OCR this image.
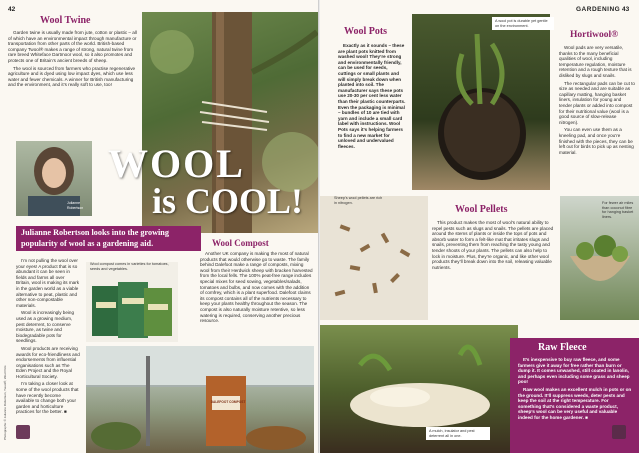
42
Wool Twine

Garden twine is usually made from jute, cotton or plastic – all of which have an environmental impact through manufacture or transportation from other parts of the world. British-based company Twool® makes a range of strong, natural twine from rare breed Whiteface Dartmoor wool, so it also promotes and protects one of Britain’s ancient breeds of sheep.

The wool is sourced from farmers who practise regenerative agriculture and is dyed using low impact dyes, which use less water and fewer chemicals. A winner for British manufacturing and the environment, and it’s really soft to use, too!

Julianne Robertson
WOOL
is COOL!
Julianne Robertson looks into the growing popularity of wool as a gardening aid.

I’m not pulling the wool over your eyes! A product that is so abundant it can be seen in fields and farms all over Britain, wool is making its mark in the garden world as a viable alternative to peat, plastic and other non-compostable materials.

Wool is increasingly being used as a growing medium, pest deterrent, to conserve moisture, as twine and biodegradable pots for seedlings.

Wool products are receiving awards for eco-friendliness and endorsements from influential organisations such as The Eden Project and the Royal Horticultural Society.

I’m taking a closer look at some of the wool products that have recently become available to change both your garden and horticulture practices for the better. ■

Wool Compost

Another UK company is making the most of natural products that would otherwise go to waste. The family behind Dalefoot make a range of composts, mixing wool from their Herdwick sheep with bracken harvested from the local fells. The 100% peat-free range includes special mixes for seed sowing, vegetables/salads, tomatoes and bulbs, and now comes with the addition of comfrey, which is a plant superfood. Dalefoot claims its compost contains all of the nutrients necessary to keep your plants healthy throughout the season. The compost is also naturally moisture retentive, so less watering is required, conserving another precious resource.

Wool compost comes in varieties for tomatoes, seeds and vegetables.
DALEFOOT COMPOST
Photographs: © Julianne Robertson, Twool®, Wool Pots
GARDENING 43
Wool Pots

Exactly as it sounds – these are plant pots knitted from washed wool! They’re strong and environmentally friendly, can be used for seeds, cuttings or small plants and will simply break down when planted into soil. The manufacturer says these pots use 20-30 per cent less water than their plastic counterparts. Even the packaging is minimal – bundles of 10 are tied with yarn and include a small card label with instructions. Wool Pots says it’s helping farmers to find a new market for unloved and undervalued fleeces.

A wool pot is durable yet gentle on the environment.
Hortiwool®

Wool pads are very versatile, thanks to the many beneficial qualities of wool, including temperature regulation, moisture retention and a rough texture that is disliked by slugs and snails.

The rectangular pads can be cut to size as needed and are suitable as capillary matting, hanging basket liners, insulation for young and tender plants or added into compost for their nutritional value (wool is a good source of slow-release nitrogen).

You can even use them as a kneeling pad, and once you’re finished with the pieces, they can be left out for birds to pick up as nesting material.

Sheep’s wool pellets are rich in nitrogen.
Wool Pellets

This product makes the most of wool’s natural ability to repel pests such as slugs and snails. The pellets are placed around the stems of plants or inside the tops of pots and absorb water to form a felt-like mat that irritates slugs and snails, preventing them from reaching the tasty young and tender shoots of your plants. The pellets can also help to lock in moisture. Plus, they’re organic, and like other wool products they’ll break down into the soil, releasing valuable nutrients.

For fewer air miles than coconut fibre for hanging basket liners.
A mulch, insulator and pest deterrent all in one.
Raw Fleece

It’s inexpensive to buy raw fleece, and some farmers give it away for free rather than burn or dump it. It comes unwashed, still coated in lanolin, and perhaps even including some grass and sheep poo!

Raw wool makes an excellent mulch in pots or on the ground. It’ll suppress weeds, deter pests and keep the soil at the right temperature. For something that’s considered a waste product, sheep’s wool can be very useful and valuable indeed for the home gardener. ■
